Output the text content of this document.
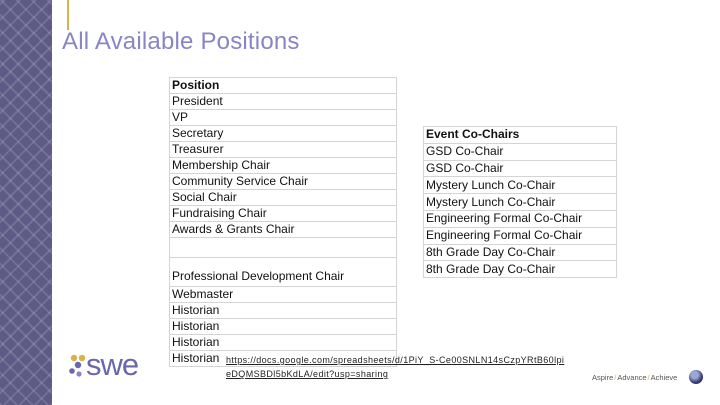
All Available Positions
Position
President
VP
Secretary
Treasurer
Membership Chair
Community Service Chair
Social Chair
Fundraising Chair
Awards & Grants Chair

Professional Development Chair
Webmaster
Historian
Historian
Historian
Historian
Event Co-Chairs
GSD Co-Chair
GSD Co-Chair
Mystery Lunch Co-Chair
Mystery Lunch Co-Chair
Engineering Formal Co-Chair
Engineering Formal Co-Chair
8th Grade Day Co-Chair
8th Grade Day Co-Chair
swe	https://docs.google.com/spreadsheets/d/1PiY_S-Ce00SNLN14sCzpYRtB60lpieDQMSBDl5bKdLA/edit?usp=sharing	Aspire/Advance/Achieve
